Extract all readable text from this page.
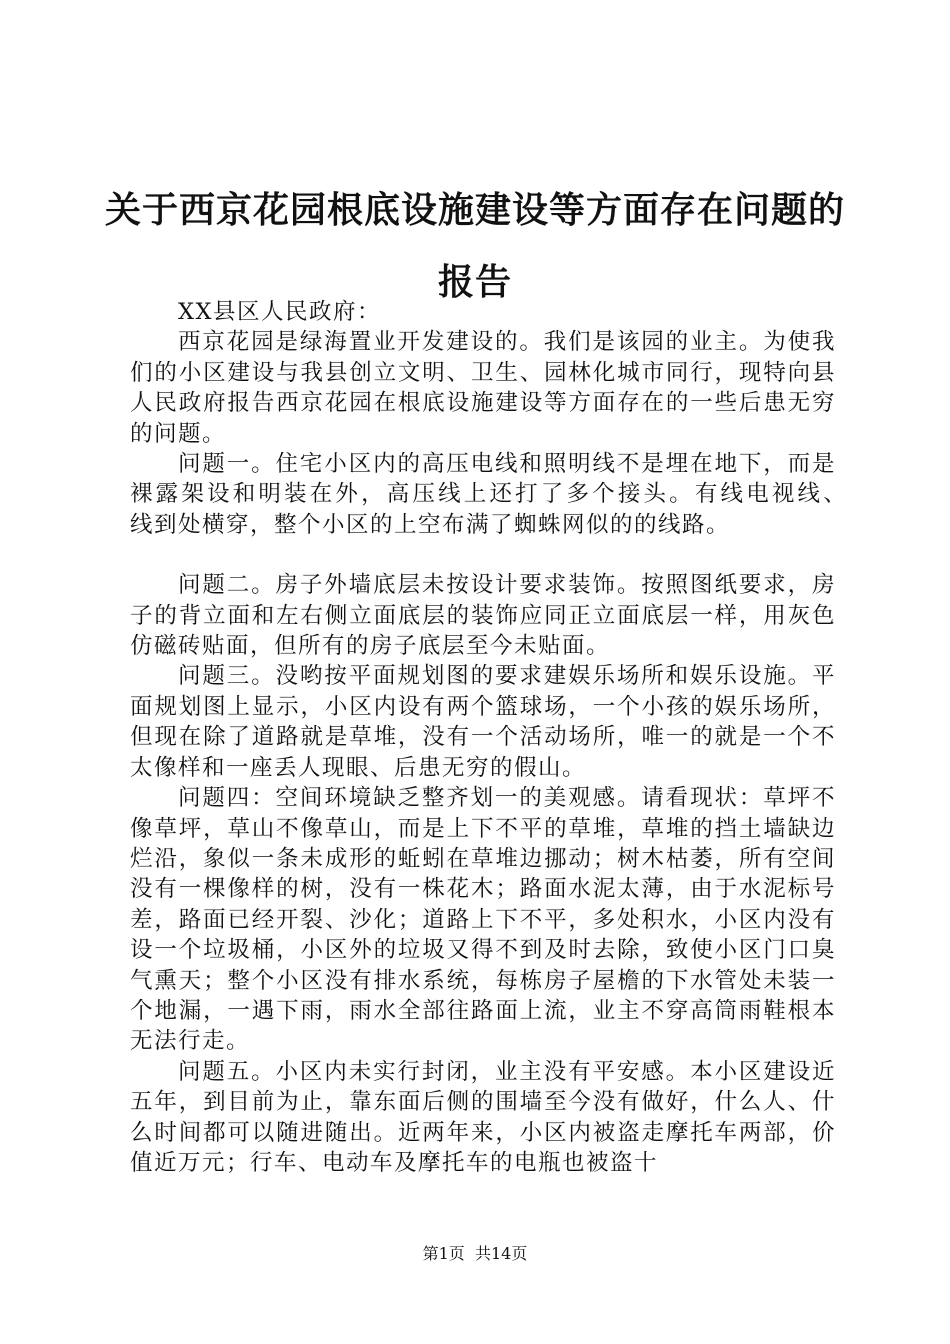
关于西京花园根底设施建设等方面存在问题的报告

XX县区人民政府：

西京花园是绿海置业开发建设的。我们是该园的业主。为使我们的小区建设与我县创立文明、卫生、园林化城市同行，现特向县人民政府报告西京花园在根底设施建设等方面存在的一些后患无穷的问题。

问题一。住宅小区内的高压电线和照明线不是埋在地下，而是裸露架设和明装在外，高压线上还打了多个接头。有线电视线、　　线到处横穿，整个小区的上空布满了蜘蛛网似的的线路。

问题二。房子外墙底层未按设计要求装饰。按照图纸要求，房子的背立面和左右侧立面底层的装饰应同正立面底层一样，用灰色仿磁砖贴面，但所有的房子底层至今未贴面。

问题三。没哟按平面规划图的要求建娱乐场所和娱乐设施。平面规划图上显示，小区内设有两个篮球场，一个小孩的娱乐场所，但现在除了道路就是草堆，没有一个活动场所，唯一的就是一个不太像样和一座丢人现眼、后患无穷的假山。

问题四：空间环境缺乏整齐划一的美观感。请看现状：草坪不像草坪，草山不像草山，而是上下不平的草堆，草堆的挡土墙缺边烂沿，象似一条未成形的蚯蚓在草堆边挪动；树木枯萎，所有空间没有一棵像样的树，没有一株花木；路面水泥太薄，由于水泥标号差，路面已经开裂、沙化；道路上下不平，多处积水，小区内没有设一个垃圾桶，小区外的垃圾又得不到及时去除，致使小区门口臭气熏天；整个小区没有排水系统，每栋房子屋檐的下水管处未装一个地漏，一遇下雨，雨水全部往路面上流，业主不穿高筒雨鞋根本无法行走。

问题五。小区内未实行封闭，业主没有平安感。本小区建设近五年，到目前为止，靠东面后侧的围墙至今没有做好，什么人、什么时间都可以随进随出。近两年来，小区内被盗走摩托车两部，价值近万元；行车、电动车及摩托车的电瓶也被盗十

第1页 共14页
